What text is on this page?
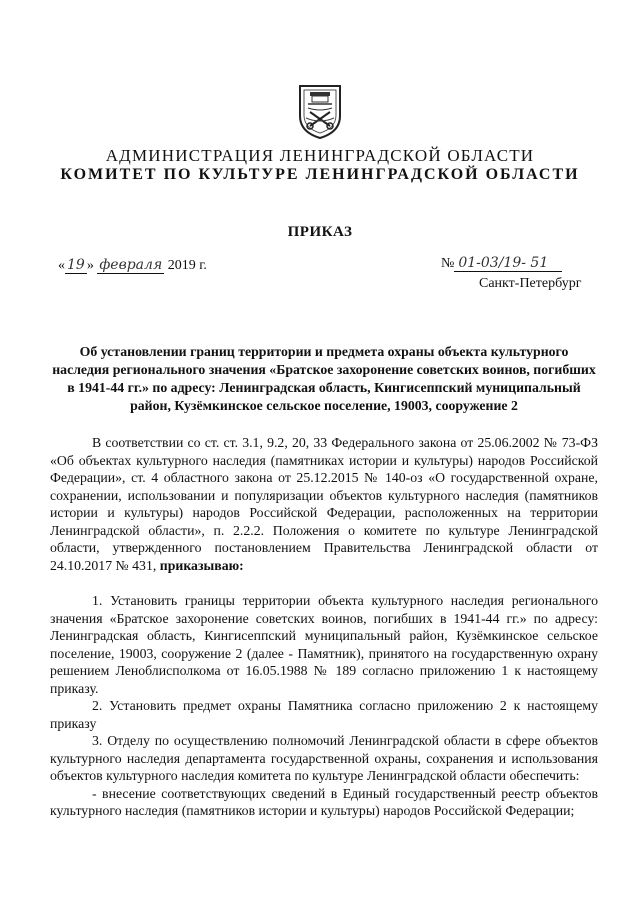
АДМИНИСТРАЦИЯ ЛЕНИНГРАДСКОЙ ОБЛАСТИ
КОМИТЕТ ПО КУЛЬТУРЕ ЛЕНИНГРАДСКОЙ ОБЛАСТИ
ПРИКАЗ
« 19 » февраля 2019 г.	№ 01-03/19- 51
Санкт-Петербург
Об установлении границ территории и предмета охраны объекта культурного наследия регионального значения «Братское захоронение советских воинов, погибших в 1941-44 гг.» по адресу: Ленинградская область, Кингисеппский муниципальный район, Кузёмкинское сельское поселение, 19003, сооружение 2

В соответствии со ст. ст. 3.1, 9.2, 20, 33 Федерального закона от 25.06.2002 № 73-ФЗ «Об объектах культурного наследия (памятниках истории и культуры) народов Российской Федерации», ст. 4 областного закона от 25.12.2015 № 140-оз «О государственной охране, сохранении, использовании и популяризации объектов культурного наследия (памятников истории и культуры) народов Российской Федерации, расположенных на территории Ленинградской области», п. 2.2.2. Положения о комитете по культуре Ленинградской области, утвержденного постановлением Правительства Ленинградской области от 24.10.2017 № 431, приказываю:

1. Установить границы территории объекта культурного наследия регионального значения «Братское захоронение советских воинов, погибших в 1941-44 гг.» по адресу: Ленинградская область, Кингисеппский муниципальный район, Кузёмкинское сельское поселение, 19003, сооружение 2 (далее - Памятник), принятого на государственную охрану решением Леноблисполкома от 16.05.1988 № 189 согласно приложению 1 к настоящему приказу.

2. Установить предмет охраны Памятника согласно приложению 2 к настоящему приказу

3. Отделу по осуществлению полномочий Ленинградской области в сфере объектов культурного наследия департамента государственной охраны, сохранения и использования объектов культурного наследия комитета по культуре Ленинградской области обеспечить:

- внесение соответствующих сведений в Единый государственный реестр объектов культурного наследия (памятников истории и культуры) народов Российской Федерации;
